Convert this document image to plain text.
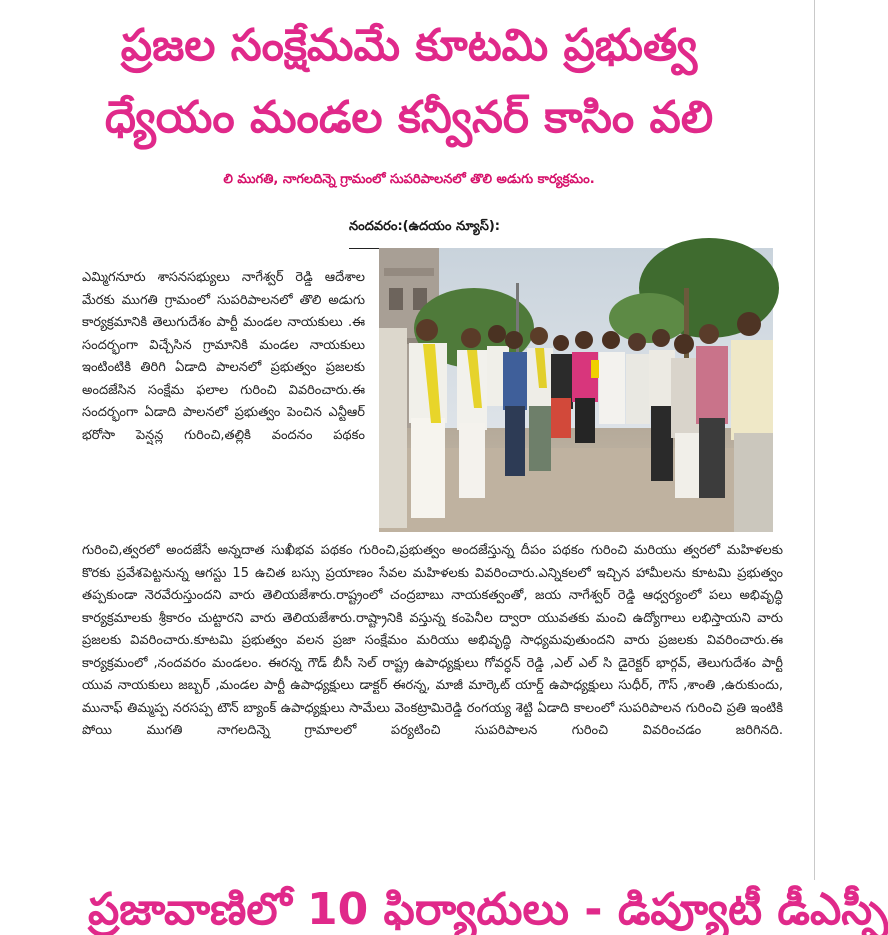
ప్రజల సంక్షేమమే కూటమి ప్రభుత్వ
ధ్యేయం మండల కన్వీనర్ కాసిం వలి
లి ముగతి, నాగలదిన్నె గ్రామంలో సుపరిపాలనలో తొలి అడుగు కార్యక్రమం.
నందవరం:(ఉదయం న్యూస్):
ఎమ్మిగనూరు శాసనసభ్యులు నాగేశ్వర్ రెడ్డి ఆదేశాల మేరకు ముగతి గ్రామంలో సుపరిపాలనలో తొలి అడుగు కార్యక్రమానికి తెలుగుదేశం పార్టీ మండల నాయకులు .ఈ సందర్భంగా విచ్చేసిన గ్రామానికి మండల నాయకులు ఇంటింటికి తిరిగి ఏడాది పాలనలో ప్రభుత్వం ప్రజలకు అందజేసిన సంక్షేమ ఫలాల గురించి వివరించారు.ఈ సందర్భంగా ఏడాది పాలనలో ప్రభుత్వం పెంచిన ఎన్టీఆర్ భరోసా పెన్షన్ల గురించి,తల్లికి వందనం పథకం
గురించి,త్వరలో అందజేసే అన్నదాత సుఖీభవ పథకం గురించి,ప్రభుత్వం అందజేస్తున్న దీపం పథకం గురించి మరియు త్వరలో మహిళలకు కొరకు ప్రవేశపెట్టనున్న ఆగస్టు 15 ఉచిత బస్సు ప్రయాణం సేవల మహిళలకు వివరించారు.ఎన్నికలలో ఇచ్చిన హామీలను కూటమి ప్రభుత్వం తప్పకుండా నెరవేరుస్తుందని వారు తెలియజేశారు.రాష్ట్రంలో చంద్రబాబు నాయకత్వంతో, జయ నాగేశ్వర్ రెడ్డి ఆధ్వర్యంలో పలు అభివృద్ధి కార్యక్రమాలకు శ్రీకారం చుట్టారని వారు తెలియజేశారు.రాష్ట్రానికి వస్తున్న కంపెనీల ద్వారా యువతకు మంచి ఉద్యోగాలు లభిస్తాయని వారు ప్రజలకు వివరించారు.కూటమి ప్రభుత్వం వలన ప్రజా సంక్షేమం మరియు అభివృద్ధి సాధ్యమవుతుందని వారు ప్రజలకు వివరించారు.ఈ కార్యక్రమంలో ,నందవరం మండలం. ఈరన్న గౌడ్ బీసీ సెల్ రాష్ట్ర ఉపాధ్యక్షులు గోవర్ధన్ రెడ్డి ,ఎల్ ఎల్ సి డైరెక్టర్ భార్గవ్, తెలుగుదేశం పార్టీ యువ నాయకులు జబ్బర్ ,మండల పార్టీ ఉపాధ్యక్షులు డాక్టర్ ఈరన్న, మాజీ మార్కెట్ యార్డ్ ఉపాధ్యక్షులు సుధీర్, గౌస్ ,శాంతి ,ఉరుకుందు, మునాఫ్ తిమ్మప్ప నరసప్ప టౌన్ బ్యాంక్ ఉపాధ్యక్షులు సామేలు వెంకట్రామిరెడ్డి రంగయ్య శెట్టి ఏడాది కాలంలో సుపరిపాలన గురించి ప్రతి ఇంటికి పోయి ముగతి నాగలదిన్నె గ్రామాలలో పర్యటించి సుపరిపాలన గురించి వివరించడం జరిగినది.
ప్రజావాణిలో 10 ఫిర్యాదులు - డిప్యూటీ డీఎస్పీ
